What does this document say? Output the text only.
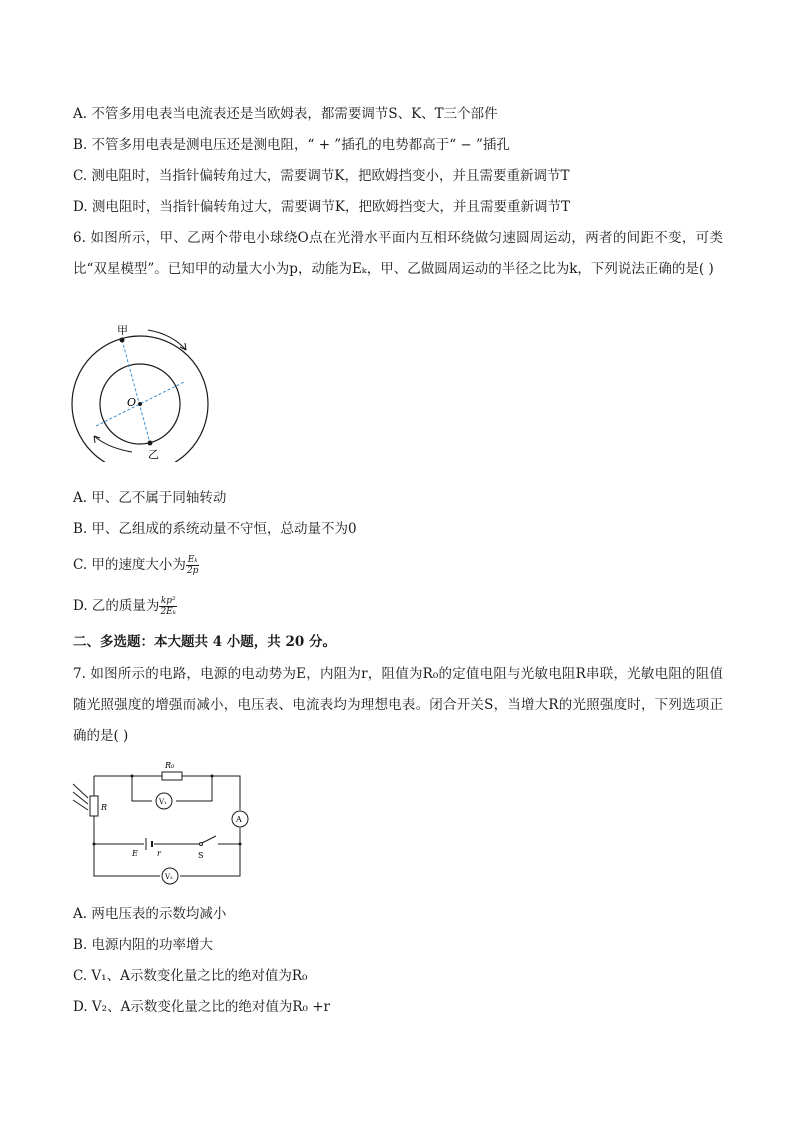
A. 不管多用电表当电流表还是当欧姆表，都需要调节S、K、T三个部件
B. 不管多用电表是测电压还是测电阻，“ + ”插孔的电势都高于“ − ”插孔
C. 测电阻时，当指针偏转角过大，需要调节K，把欧姆挡变小，并且需要重新调节T
D. 测电阻时，当指针偏转角过大，需要调节K，把欧姆挡变大，并且需要重新调节T
6. 如图所示，甲、乙两个带电小球绕O点在光滑水平面内互相环绕做匀速圆周运动，两者的间距不变，可类比“双星模型”。已知甲的动量大小为p，动能为Eₖ，甲、乙做圆周运动的半径之比为k，下列说法正确的是( )
甲
乙
O
A. 甲、乙不属于同轴转动
B. 甲、乙组成的系统动量不守恒，总动量不为0
C. 甲的速度大小为 $\frac{\text{Eₖ}}{2p}$
D. 乙的质量为 $\frac{\text{kp²}}{\text{2Eₖ}}$
二、多选题：本大题共 4 小题，共 20 分。
7. 如图所示的电路，电源的电动势为E，内阻为r，阻值为R₀的定值电阻与光敏电阻R串联，光敏电阻的阻值随光照强度的增强而减小，电压表、电流表均为理想电表。闭合开关S，当增大R的光照强度时，下列选项正确的是( )
R₀
V₁
A
R
E r	S
V₂
A. 两电压表的示数均减小
B. 电源内阻的功率增大
C. V₁、A示数变化量之比的绝对值为R₀
D. V₂、A示数变化量之比的绝对值为R₀ +r
